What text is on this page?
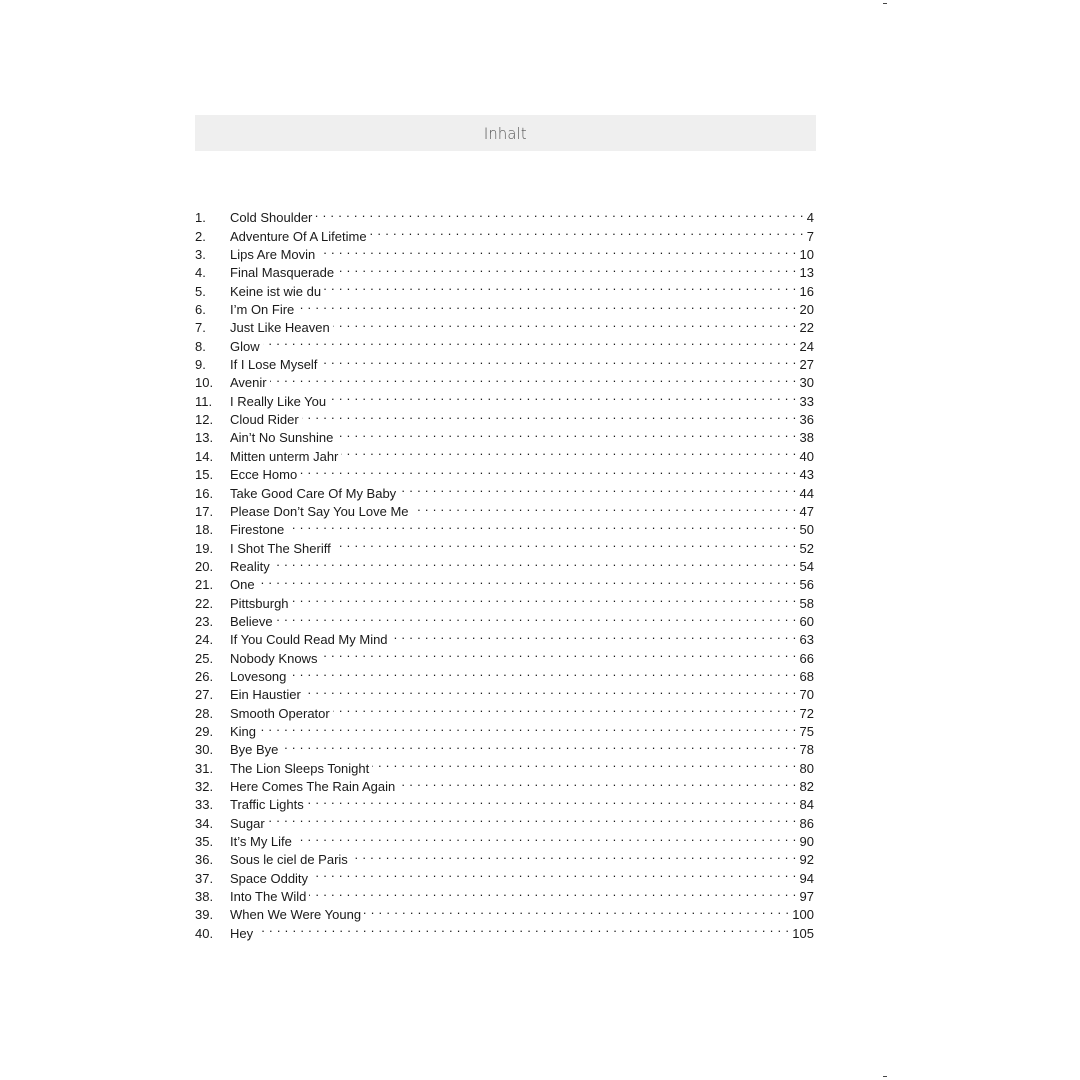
Inhalt
1.	Cold Shoulder . . .	4
2.	Adventure Of A Lifetime . . .	7
3.	Lips Are Movin . . .	10
4.	Final Masquerade . . .	13
5.	Keine ist wie du . . .	16
6.	I’m On Fire . . .	20
7.	Just Like Heaven . . .	22
8.	Glow . . .	24
9.	If I Lose Myself . . .	27
10.	Avenir . . .	30
11.	I Really Like You . . .	33
12.	Cloud Rider . . .	36
13.	Ain’t No Sunshine . . .	38
14.	Mitten unterm Jahr . . .	40
15.	Ecce Homo . . .	43
16.	Take Good Care Of My Baby . . .	44
17.	Please Don’t Say You Love Me . . .	47
18.	Firestone . . .	50
19.	I Shot The Sheriff . . .	52
20.	Reality . . .	54
21.	One . . .	56
22.	Pittsburgh . . .	58
23.	Believe . . .	60
24.	If You Could Read My Mind . . .	63
25.	Nobody Knows . . .	66
26.	Lovesong . . .	68
27.	Ein Haustier . . .	70
28.	Smooth Operator . . .	72
29.	King . . .	75
30.	Bye Bye . . .	78
31.	The Lion Sleeps Tonight . . .	80
32.	Here Comes The Rain Again . . .	82
33.	Traffic Lights . . .	84
34.	Sugar . . .	86
35.	It’s My Life . . .	90
36.	Sous le ciel de Paris . . .	92
37.	Space Oddity . . .	94
38.	Into The Wild . . .	97
39.	When We Were Young . . .	100
40.	Hey . . .	105
